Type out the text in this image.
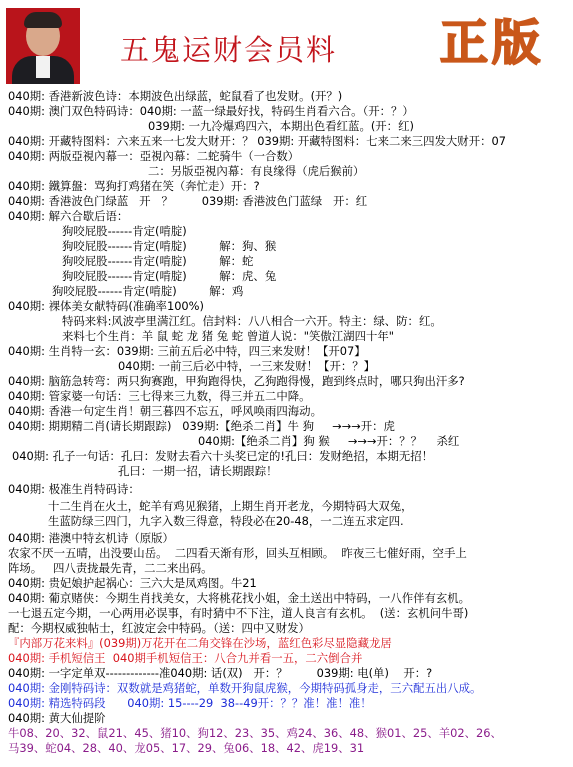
五鬼运财会员料 正版
040期: 香港新波色诗：本期波色出绿蓝，蛇鼠看了也发财。(开？)
040期: 澳门双色特码诗：040期: 一蓝一绿最好找，特码生肖看六合。（开：？）
039期: 一九冷爆鸡四六，本期出色看红蓝。(开：红)
040期: 开藏特图料：六来五来一七发大财开：？ 039期: 开藏特图料：七来二来三四发大财开：07
040期: 两版亞視內幕一：亞視內幕：二蛇骑牛（一合数）
二：另版亞視內幕：有良缘得（虎后猴前）
040期: 鐵算盤：骂狗打鸡猪在笑（奔忙走）开：?
040期: 香港波色门绿蓝   开   ？        039期: 香港波色门蓝绿   开：红
040期: 解六合歇后语：
狗咬屁股------肯定(啃腚)
狗咬屁股------肯定(啃腚)         解：狗、猴
狗咬屁股------肯定(啃腚)         解：蛇
狗咬屁股------肯定(啃腚)         解：虎、兔
狗咬屁股------肯定(啃腚)         解：鸡
040期: 裸体美女献特码(准确率100%)
特码来料:风波亭里满江红。信封料：八八相合一六开。特主：绿、防：红。
来料七个生肖：羊 鼠 蛇 龙 猪 兔 蛇 曾道人说："笑傲江湖四十年"
040期: 生肖特一玄：039期: 三前五后必中特，四三来发财！【开07】
040期: 一前三后必中特，一三来发财！【开：？】
040期: 脑筋急转弯：两只狗赛跑，甲狗跑得快，乙狗跑得慢，跑到终点时，哪只狗出汗多?
040期: 管家婆一句话：三七得来三九数，得三并五二中降。
040期: 香港一句定生肖！朝三暮四不忘五，呼风唤雨四海动。
040期: 期期精二肖(请长期跟踪)   039期:【绝杀二肖】牛 狗     →→→开：虎
040期:【绝杀二肖】狗 猴     →→→开：？？    杀红
040期: 孔子一句话：孔曰：发财去看六十头奖已定的!孔曰：发财绝招，本期无招！
孔曰：一期一招，请长期跟踪！
040期: 极准生肖特码诗：
十二生肖在火土，蛇羊有鸡见猴猪，上期生肖开老龙，今期特码大双兔，
生蓝防绿三四门，九字入数三得意，特段必在20-48，一二连五求定四.
040期: 港澳中特玄机诗（原版）
农家不厌一五晴，出没要山岳。  二四看天渐有形，回头互相顾。  昨夜三七催好雨，空手上
阵场。   四八责拢最先青，二二来出码。
040期: 贵妃娘护起祸心：三六大是凤鸡图。牛21
040期: 葡京赌侠：今期生肖找美女，大将桃花找小姐，金土送出中特码，一八作伴有玄机。
一七退五定今期，一心两用必误事，有时猜中不下注，道人良言有玄机。  (送：玄机问牛哥)
配：今期权威独帖士，红波定会中特码。（送：四中又财发）
『内部万花来料』(039期)万花开在二角交锋在沙场，蓝红色彩尽显隐藏龙居
040期: 手机短信王  040期手机短信王：八合九并看一五，二六倒合并
040期: 一字定单双-------------准040期: 话(双)   开：？        039期: 电(单)    开：?
040期: 金刚特码诗：双数就是鸡猪蛇，单数开狗鼠虎猴，今期特码孤身走，三六配五出八成。
040期: 精选特码段      040期: 15----29  38--49开：？？准！准！准！
040期: 黄大仙提阶
牛08、20、32、鼠21、45、猪10、狗12、23、35、鸡24、36、48、猴01、25、羊02、26、
马39、蛇04、28、40、龙05、17、29、兔06、18、42、虎19、31
